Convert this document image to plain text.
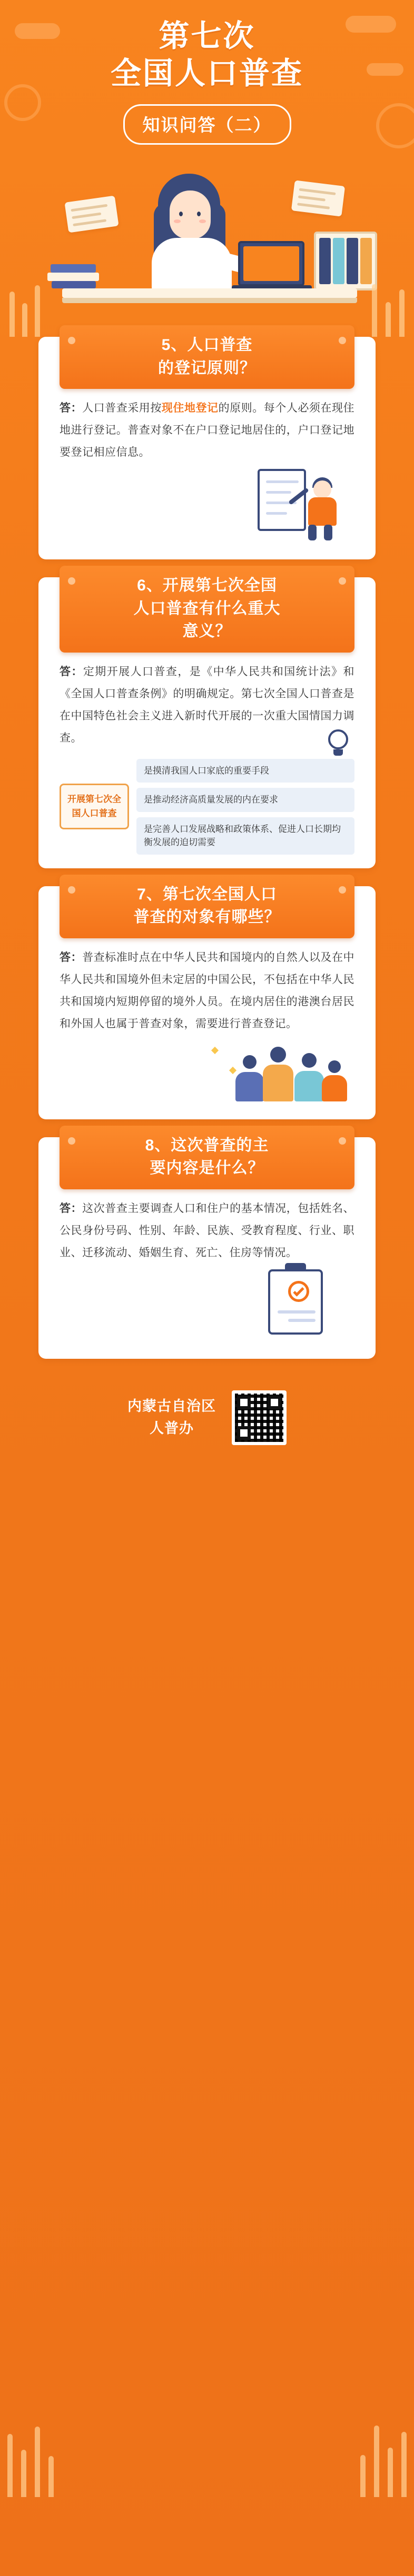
第七次
全国人口普查
知识问答（二）
5、人口普查
的登记原则？
答：人口普查采用按现住地登记的原则。每个人必须在现住地进行登记。普查对象不在户口登记地居住的，户口登记地要登记相应信息。
6、开展第七次全国
人口普查有什么重大
意义？
答：定期开展人口普查，是《中华人民共和国统计法》和《全国人口普查条例》的明确规定。第七次全国人口普查是在中国特色社会主义进入新时代开展的一次重大国情国力调查。
开展第七次全国人口普查
是摸清我国人口家底的重要手段
是推动经济高质量发展的内在要求
是完善人口发展战略和政策体系、促进人口长期均衡发展的迫切需要
7、第七次全国人口
普查的对象有哪些？
答：普查标准时点在中华人民共和国境内的自然人以及在中华人民共和国境外但未定居的中国公民，不包括在中华人民共和国境内短期停留的境外人员。在境内居住的港澳台居民和外国人也属于普查对象，需要进行普查登记。
8、这次普查的主
要内容是什么？
答：这次普查主要调查人口和住户的基本情况，包括姓名、公民身份号码、性别、年龄、民族、受教育程度、行业、职业、迁移流动、婚姻生育、死亡、住房等情况。
内蒙古自治区
人普办
